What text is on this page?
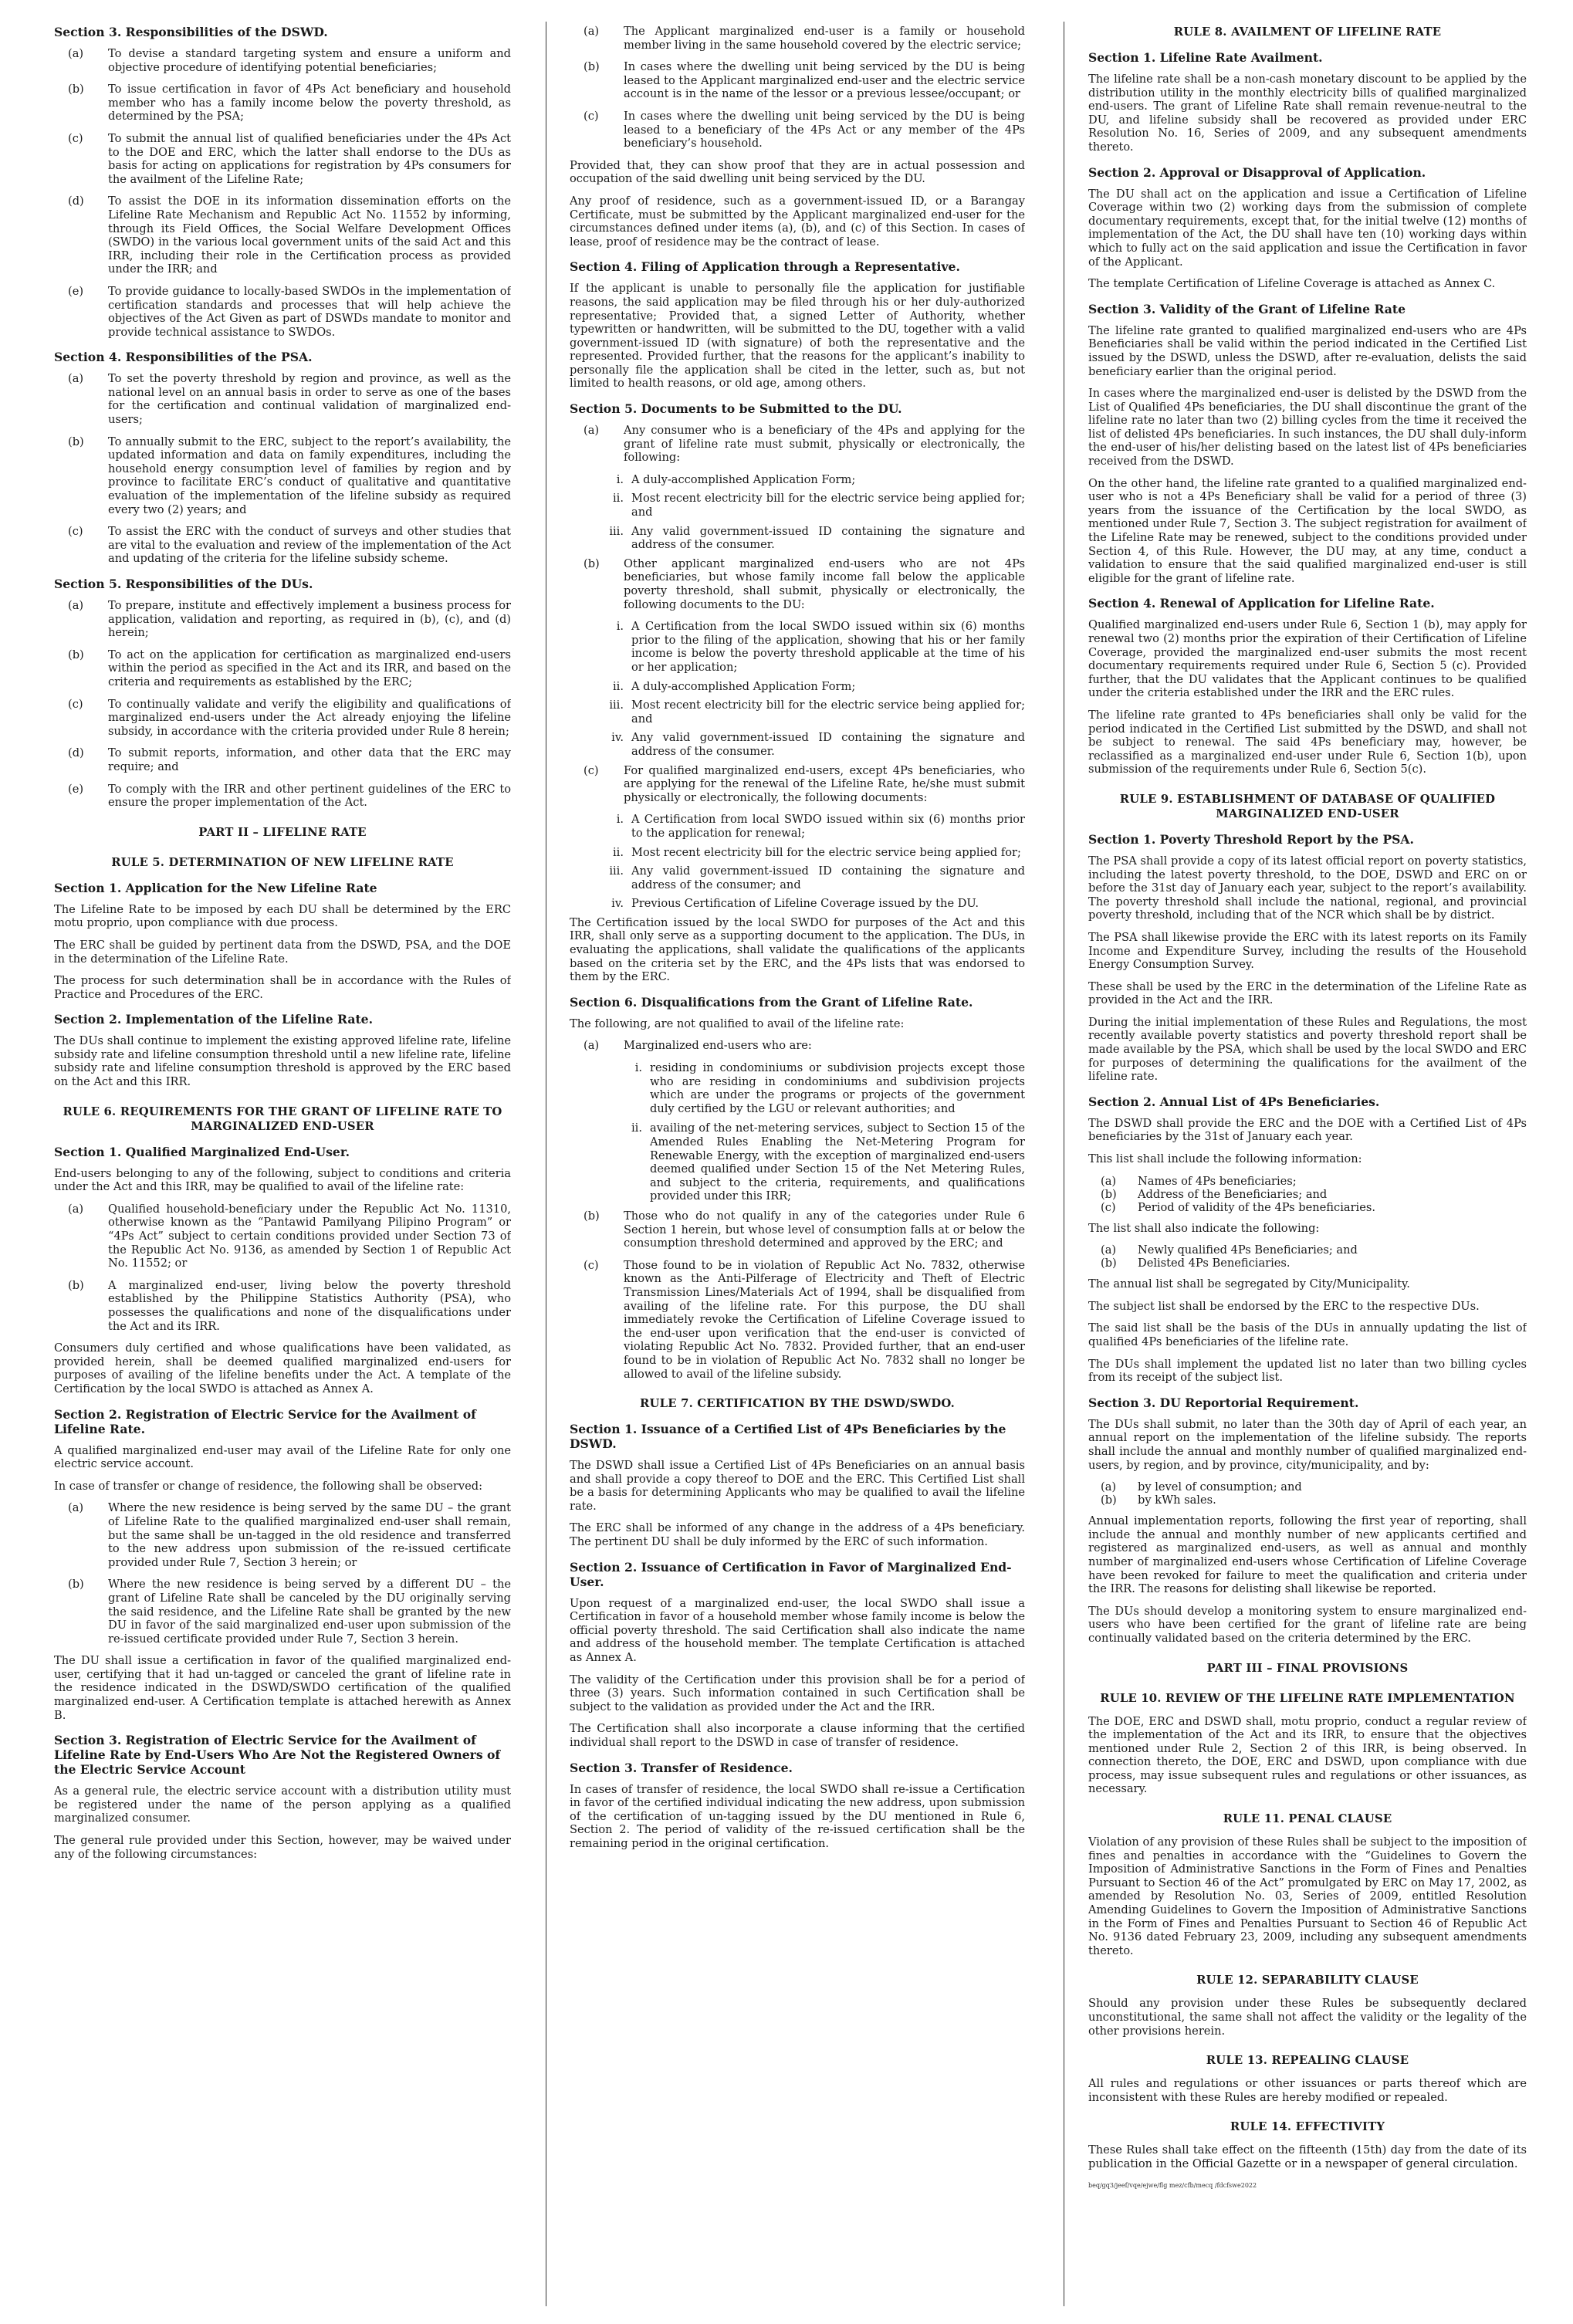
Section 3. Responsibilities of the DSWD.
(a)	To devise a standard targeting system and ensure a uniform and objective procedure of identifying potential beneficiaries;
(b)	To issue certification in favor of 4Ps Act beneficiary and household member who has a family income below the poverty threshold, as determined by the PSA;
(c)	To submit the annual list of qualified beneficiaries under the 4Ps Act to the DOE and ERC, which the latter shall endorse to the DUs as basis for acting on applications for registration by 4Ps consumers for the availment of the Lifeline Rate;
(d)	To assist the DOE in its information dissemination efforts on the Lifeline Rate Mechanism and Republic Act No. 11552 by informing, through its Field Offices, the Social Welfare Development Offices (SWDO) in the various local government units of the said Act and this IRR, including their role in the Certification process as provided under the IRR; and
(e)	To provide guidance to locally-based SWDOs in the implementation of certification standards and processes that will help achieve the objectives of the Act Given as part of DSWDs mandate to monitor and provide technical assistance to SWDOs.
Section 4. Responsibilities of the PSA.
(a)	To set the poverty threshold by region and province, as well as the national level on an annual basis in order to serve as one of the bases for the certification and continual validation of marginalized end-users;
(b)	To annually submit to the ERC, subject to the report’s availability, the updated information and data on family expenditures, including the household energy consumption level of families by region and by province to facilitate ERC’s conduct of qualitative and quantitative evaluation of the implementation of the lifeline subsidy as required every two (2) years; and
(c)	To assist the ERC with the conduct of surveys and other studies that are vital to the evaluation and review of the implementation of the Act and updating of the criteria for the lifeline subsidy scheme.
Section 5. Responsibilities of the DUs.
(a)	To prepare, institute and effectively implement a business process for application, validation and reporting, as required in (b), (c), and (d) herein;
(b)	To act on the application for certification as marginalized end-users within the period as specified in the Act and its IRR, and based on the criteria and requirements as established by the ERC;
(c)	To continually validate and verify the eligibility and qualifications of marginalized end-users under the Act already enjoying the lifeline subsidy, in accordance with the criteria provided under Rule 8 herein;
(d)	To submit reports, information, and other data that the ERC may require; and
(e)	To comply with the IRR and other pertinent guidelines of the ERC to ensure the proper implementation of the Act.
PART II – LIFELINE RATE
RULE 5. DETERMINATION OF NEW LIFELINE RATE
Section 1. Application for the New Lifeline Rate
The Lifeline Rate to be imposed by each DU shall be determined by the ERC motu proprio, upon compliance with due process.
The ERC shall be guided by pertinent data from the DSWD, PSA, and the DOE in the determination of the Lifeline Rate.
The process for such determination shall be in accordance with the Rules of Practice and Procedures of the ERC.
Section 2. Implementation of the Lifeline Rate.
The DUs shall continue to implement the existing approved lifeline rate, lifeline subsidy rate and lifeline consumption threshold until a new lifeline rate, lifeline subsidy rate and lifeline consumption threshold is approved by the ERC based on the Act and this IRR.
RULE 6. REQUIREMENTS FOR THE GRANT OF LIFELINE RATE TO MARGINALIZED END-USER
Section 1. Qualified Marginalized End-User.
End-users belonging to any of the following, subject to conditions and criteria under the Act and this IRR, may be qualified to avail of the lifeline rate:
(a)	Qualified household-beneficiary under the Republic Act No. 11310, otherwise known as the “Pantawid Pamilyang Pilipino Program” or “4Ps Act” subject to certain conditions provided under Section 73 of the Republic Act No. 9136, as amended by Section 1 of Republic Act No. 11552; or
(b)	A marginalized end-user, living below the poverty threshold established by the Philippine Statistics Authority (PSA), who possesses the qualifications and none of the disqualifications under the Act and its IRR.
Consumers duly certified and whose qualifications have been validated, as provided herein, shall be deemed qualified marginalized end-users for purposes of availing of the lifeline benefits under the Act. A template of the Certification by the local SWDO is attached as Annex A.
Section 2. Registration of Electric Service for the Availment of Lifeline Rate.
A qualified marginalized end-user may avail of the Lifeline Rate for only one electric service account.
In case of transfer or change of residence, the following shall be observed:
(a)	Where the new residence is being served by the same DU – the grant of Lifeline Rate to the qualified marginalized end-user shall remain, but the same shall be un-tagged in the old residence and transferred to the new address upon submission of the re-issued certificate provided under Rule 7, Section 3 herein; or
(b)	Where the new residence is being served by a different DU – the grant of Lifeline Rate shall be canceled by the DU originally serving the said residence, and the Lifeline Rate shall be granted by the new DU in favor of the said marginalized end-user upon submission of the re-issued certificate provided under Rule 7, Section 3 herein.
The DU shall issue a certification in favor of the qualified marginalized end-user, certifying that it had un-tagged or canceled the grant of lifeline rate in the residence indicated in the DSWD/SWDO certification of the qualified marginalized end-user. A Certification template is attached herewith as Annex B.
Section 3. Registration of Electric Service for the Availment of Lifeline Rate by End-Users Who Are Not the Registered Owners of the Electric Service Account
As a general rule, the electric service account with a distribution utility must be registered under the name of the person applying as a qualified marginalized consumer.
The general rule provided under this Section, however, may be waived under any of the following circumstances:
(a)	The Applicant marginalized end-user is a family or household member living in the same household covered by the electric service;
(b)	In cases where the dwelling unit being serviced by the DU is being leased to the Applicant marginalized end-user and the electric service account is in the name of the lessor or a previous lessee/occupant; or
(c)	In cases where the dwelling unit being serviced by the DU is being leased to a beneficiary of the 4Ps Act or any member of the 4Ps beneficiary’s household.
Provided that, they can show proof that they are in actual possession and occupation of the said dwelling unit being serviced by the DU.
Any proof of residence, such as a government-issued ID, or a Barangay Certificate, must be submitted by the Applicant marginalized end-user for the circumstances defined under items (a), (b), and (c) of this Section. In cases of lease, proof of residence may be the contract of lease.
Section 4. Filing of Application through a Representative.
If the applicant is unable to personally file the application for justifiable reasons, the said application may be filed through his or her duly-authorized representative; Provided that, a signed Letter of Authority, whether typewritten or handwritten, will be submitted to the DU, together with a valid government-issued ID (with signature) of both the representative and the represented. Provided further, that the reasons for the applicant’s inability to personally file the application shall be cited in the letter, such as, but not limited to health reasons, or old age, among others.
Section 5. Documents to be Submitted to the DU.
(a)	Any consumer who is a beneficiary of the 4Ps and applying for the grant of lifeline rate must submit, physically or electronically, the following:
i. A duly-accomplished Application Form;
ii. Most recent electricity bill for the electric service being applied for; and
iii. Any valid government-issued ID containing the signature and address of the consumer.
(b)	Other applicant marginalized end-users who are not 4Ps beneficiaries, but whose family income fall below the applicable poverty threshold, shall submit, physically or electronically, the following documents to the DU:
i. A Certification from the local SWDO issued within six (6) months prior to the filing of the application, showing that his or her family income is below the poverty threshold applicable at the time of his or her application;
ii. A duly-accomplished Application Form;
iii. Most recent electricity bill for the electric service being applied for; and
iv. Any valid government-issued ID containing the signature and address of the consumer.
(c)	For qualified marginalized end-users, except 4Ps beneficiaries, who are applying for the renewal of the Lifeline Rate, he/she must submit physically or electronically, the following documents:
i. A Certification from local SWDO issued within six (6) months prior to the application for renewal;
ii. Most recent electricity bill for the electric service being applied for;
iii. Any valid government-issued ID containing the signature and address of the consumer; and
iv. Previous Certification of Lifeline Coverage issued by the DU.
The Certification issued by the local SWDO for purposes of the Act and this IRR, shall only serve as a supporting document to the application. The DUs, in evaluating the applications, shall validate the qualifications of the applicants based on the criteria set by the ERC, and the 4Ps lists that was endorsed to them by the ERC.
Section 6. Disqualifications from the Grant of Lifeline Rate.
The following, are not qualified to avail of the lifeline rate:
(a)	Marginalized end-users who are:
i. residing in condominiums or subdivision projects except those who are residing in condominiums and subdivision projects which are under the programs or projects of the government duly certified by the LGU or relevant authorities; and
ii. availing of the net-metering services, subject to Section 15 of the Amended Rules Enabling the Net-Metering Program for Renewable Energy, with the exception of marginalized end-users deemed qualified under Section 15 of the Net Metering Rules, and subject to the criteria, requirements, and qualifications provided under this IRR;
(b)	Those who do not qualify in any of the categories under Rule 6 Section 1 herein, but whose level of consumption falls at or below the consumption threshold determined and approved by the ERC; and
(c)	Those found to be in violation of Republic Act No. 7832, otherwise known as the Anti-Pilferage of Electricity and Theft of Electric Transmission Lines/Materials Act of 1994, shall be disqualified from availing of the lifeline rate. For this purpose, the DU shall immediately revoke the Certification of Lifeline Coverage issued to the end-user upon verification that the end-user is convicted of violating Republic Act No. 7832. Provided further, that an end-user found to be in violation of Republic Act No. 7832 shall no longer be allowed to avail of the lifeline subsidy.
RULE 7. CERTIFICATION BY THE DSWD/SWDO.
Section 1. Issuance of a Certified List of 4Ps Beneficiaries by the DSWD.
The DSWD shall issue a Certified List of 4Ps Beneficiaries on an annual basis and shall provide a copy thereof to DOE and the ERC. This Certified List shall be a basis for determining Applicants who may be qualified to avail the lifeline rate.
The ERC shall be informed of any change in the address of a 4Ps beneficiary. The pertinent DU shall be duly informed by the ERC of such information.
Section 2. Issuance of Certification in Favor of Marginalized End-User.
Upon request of a marginalized end-user, the local SWDO shall issue a Certification in favor of a household member whose family income is below the official poverty threshold. The said Certification shall also indicate the name and address of the household member. The template Certification is attached as Annex A.
The validity of the Certification under this provision shall be for a period of three (3) years. Such information contained in such Certification shall be subject to the validation as provided under the Act and the IRR.
The Certification shall also incorporate a clause informing that the certified individual shall report to the DSWD in case of transfer of residence.
Section 3. Transfer of Residence.
In cases of transfer of residence, the local SWDO shall re-issue a Certification in favor of the certified individual indicating the new address, upon submission of the certification of un-tagging issued by the DU mentioned in Rule 6, Section 2. The period of validity of the re-issued certification shall be the remaining period in the original certification.
RULE 8. AVAILMENT OF LIFELINE RATE
Section 1. Lifeline Rate Availment.
The lifeline rate shall be a non-cash monetary discount to be applied by the distribution utility in the monthly electricity bills of qualified marginalized end-users. The grant of Lifeline Rate shall remain revenue-neutral to the DU, and lifeline subsidy shall be recovered as provided under ERC Resolution No. 16, Series of 2009, and any subsequent amendments thereto.
Section 2. Approval or Disapproval of Application.
The DU shall act on the application and issue a Certification of Lifeline Coverage within two (2) working days from the submission of complete documentary requirements, except that, for the initial twelve (12) months of implementation of the Act, the DU shall have ten (10) working days within which to fully act on the said application and issue the Certification in favor of the Applicant.
The template Certification of Lifeline Coverage is attached as Annex C.
Section 3. Validity of the Grant of Lifeline Rate
The lifeline rate granted to qualified marginalized end-users who are 4Ps Beneficiaries shall be valid within the period indicated in the Certified List issued by the DSWD, unless the DSWD, after re-evaluation, delists the said beneficiary earlier than the original period.
In cases where the marginalized end-user is delisted by the DSWD from the List of Qualified 4Ps beneficiaries, the DU shall discontinue the grant of the lifeline rate no later than two (2) billing cycles from the time it received the list of delisted 4Ps beneficiaries. In such instances, the DU shall duly-inform the end-user of his/her delisting based on the latest list of 4Ps beneficiaries received from the DSWD.
On the other hand, the lifeline rate granted to a qualified marginalized end-user who is not a 4Ps Beneficiary shall be valid for a period of three (3) years from the issuance of the Certification by the local SWDO, as mentioned under Rule 7, Section 3. The subject registration for availment of the Lifeline Rate may be renewed, subject to the conditions provided under Section 4, of this Rule. However, the DU may, at any time, conduct a validation to ensure that the said qualified marginalized end-user is still eligible for the grant of lifeline rate.
Section 4. Renewal of Application for Lifeline Rate.
Qualified marginalized end-users under Rule 6, Section 1 (b), may apply for renewal two (2) months prior the expiration of their Certification of Lifeline Coverage, provided the marginalized end-user submits the most recent documentary requirements required under Rule 6, Section 5 (c). Provided further, that the DU validates that the Applicant continues to be qualified under the criteria established under the IRR and the ERC rules.
The lifeline rate granted to 4Ps beneficiaries shall only be valid for the period indicated in the Certified List submitted by the DSWD, and shall not be subject to renewal. The said 4Ps beneficiary may, however, be reclassified as a marginalized end-user under Rule 6, Section 1(b), upon submission of the requirements under Rule 6, Section 5(c).
RULE 9. ESTABLISHMENT OF DATABASE OF QUALIFIED MARGINALIZED END-USER
Section 1. Poverty Threshold Report by the PSA.
The PSA shall provide a copy of its latest official report on poverty statistics, including the latest poverty threshold, to the DOE, DSWD and ERC on or before the 31st day of January each year, subject to the report’s availability. The poverty threshold shall include the national, regional, and provincial poverty threshold, including that of the NCR which shall be by district.
The PSA shall likewise provide the ERC with its latest reports on its Family Income and Expenditure Survey, including the results of the Household Energy Consumption Survey.
These shall be used by the ERC in the determination of the Lifeline Rate as provided in the Act and the IRR.
During the initial implementation of these Rules and Regulations, the most recently available poverty statistics and poverty threshold report shall be made available by the PSA, which shall be used by the local SWDO and ERC for purposes of determining the qualifications for the availment of the lifeline rate.
Section 2. Annual List of 4Ps Beneficiaries.
The DSWD shall provide the ERC and the DOE with a Certified List of 4Ps beneficiaries by the 31st of January each year.
This list shall include the following information:
(a)	Names of 4Ps beneficiaries;
(b)	Address of the Beneficiaries; and
(c)	Period of validity of the 4Ps beneficiaries.
The list shall also indicate the following:
(a)	Newly qualified 4Ps Beneficiaries; and
(b)	Delisted 4Ps Beneficiaries.
The annual list shall be segregated by City/Municipality.
The subject list shall be endorsed by the ERC to the respective DUs.
The said list shall be the basis of the DUs in annually updating the list of qualified 4Ps beneficiaries of the lifeline rate.
The DUs shall implement the updated list no later than two billing cycles from its receipt of the subject list.
Section 3. DU Reportorial Requirement.
The DUs shall submit, no later than the 30th day of April of each year, an annual report on the implementation of the lifeline subsidy. The reports shall include the annual and monthly number of qualified marginalized end-users, by region, and by province, city/municipality, and by:
(a)	by level of consumption; and
(b)	by kWh sales.
Annual implementation reports, following the first year of reporting, shall include the annual and monthly number of new applicants certified and registered as marginalized end-users, as well as annual and monthly number of marginalized end-users whose Certification of Lifeline Coverage have been revoked for failure to meet the qualification and criteria under the IRR. The reasons for delisting shall likewise be reported.
The DUs should develop a monitoring system to ensure marginalized end-users who have been certified for the grant of lifeline rate are being continually validated based on the criteria determined by the ERC.
PART III – FINAL PROVISIONS
RULE 10. REVIEW OF THE LIFELINE RATE IMPLEMENTATION
The DOE, ERC and DSWD shall, motu proprio, conduct a regular review of the implementation of the Act and its IRR, to ensure that the objectives mentioned under Rule 2, Section 2 of this IRR, is being observed. In connection thereto, the DOE, ERC and DSWD, upon compliance with due process, may issue subsequent rules and regulations or other issuances, as necessary.
RULE 11. PENAL CLAUSE
Violation of any provision of these Rules shall be subject to the imposition of fines and penalties in accordance with the “Guidelines to Govern the Imposition of Administrative Sanctions in the Form of Fines and Penalties Pursuant to Section 46 of the Act” promulgated by ERC on May 17, 2002, as amended by Resolution No. 03, Series of 2009, entitled Resolution Amending Guidelines to Govern the Imposition of Administrative Sanctions in the Form of Fines and Penalties Pursuant to Section 46 of Republic Act No. 9136 dated February 23, 2009, including any subsequent amendments thereto.
RULE 12. SEPARABILITY CLAUSE
Should any provision under these Rules be subsequently declared unconstitutional, the same shall not affect the validity or the legality of the other provisions herein.
RULE 13. REPEALING CLAUSE
All rules and regulations or other issuances or parts thereof which are inconsistent with these Rules are hereby modified or repealed.
RULE 14. EFFECTIVITY
These Rules shall take effect on the fifteenth (15th) day from the date of its publication in the Official Gazette or in a newspaper of general circulation.
beq/gq3/jeef/vqe/ejwe/flg mez/cfb/mecq /fdcfswe2022
